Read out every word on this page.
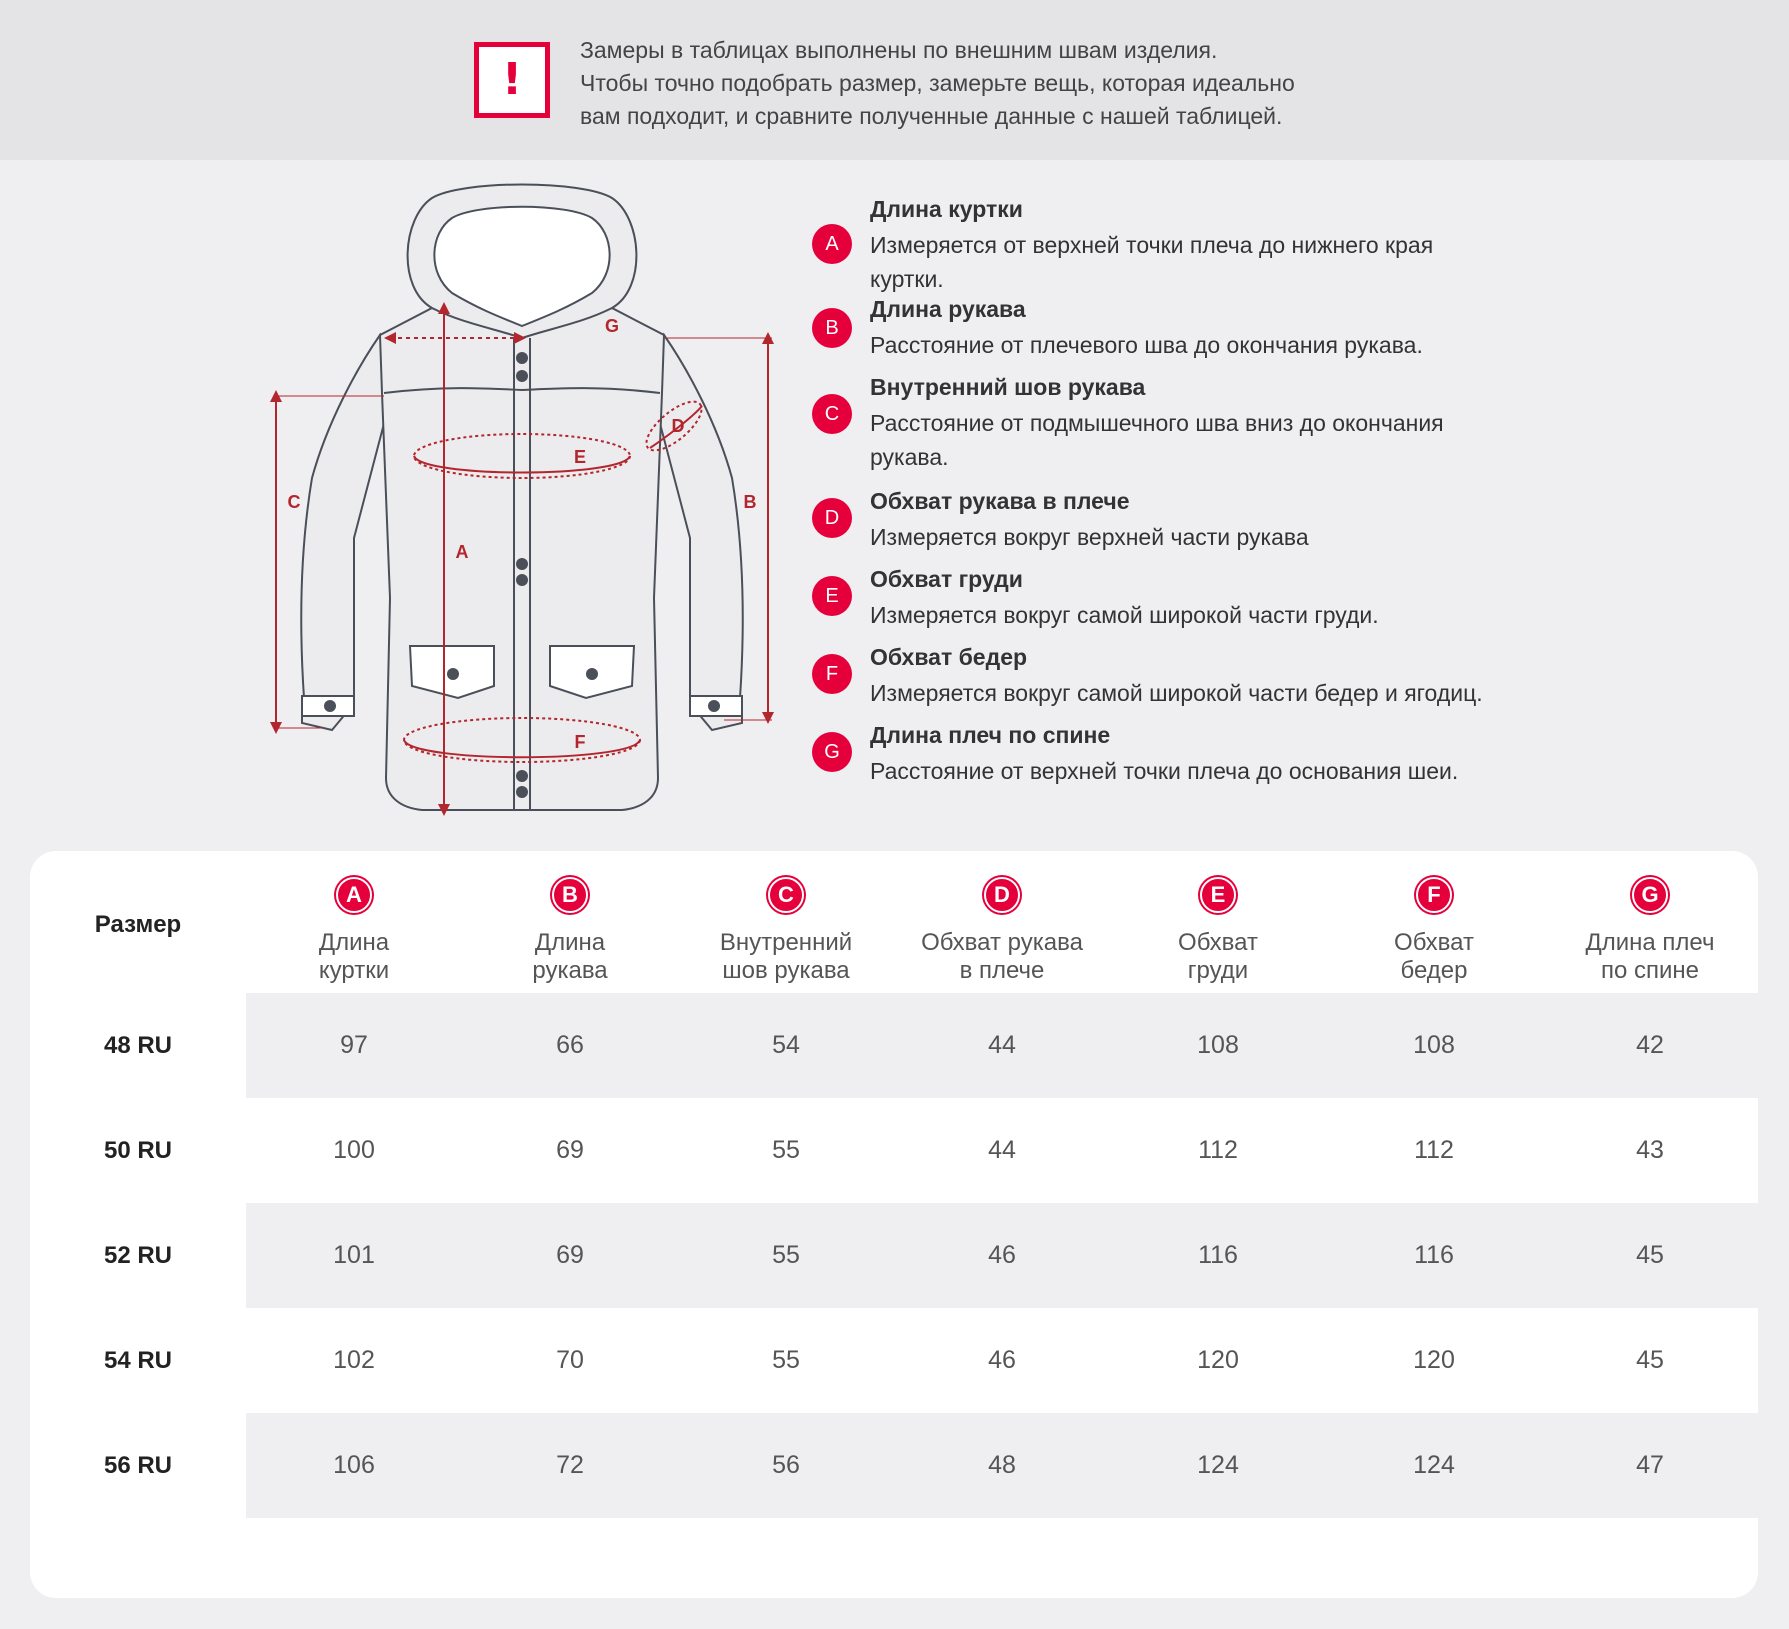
!

Замеры в таблицах выполнены по внешним швам изделия.

Чтобы точно подобрать размер, замерьте вещь, которая идеально

вам подходит, и сравните полученные данные с нашей таблицей.

C	B
A
G
E
F
D
A
Длина куртки
Измеряется от верхней точки плеча до нижнего края куртки.
B
Длина рукава
Расстояние от плечевого шва до окончания рукава.
C
Внутренний шов рукава
Расстояние от подмышечного шва вниз до окончания рукава.
D
Обхват рукава в плече
Измеряется вокруг верхней части рукава
E
Обхват груди
Измеряется вокруг самой широкой части груди.
F
Обхват бедер
Измеряется вокруг самой широкой части бедер и ягодиц.
G
Длина плеч по спине
Расстояние от верхней точки плеча до основания шеи.
Размер
A
Длина
куртки
B
Длина
рукава
C
Внутренний
шов рукава
D
Обхват рукава
в плече
E
Обхват
груди
F
Обхват
бедер
G
Длина плеч
по спине
48 RU	97	66	54	44	108	108	42
50 RU	100	69	55	44	112	112	43
52 RU	101	69	55	46	116	116	45
54 RU	102	70	55	46	120	120	45
56 RU	106	72	56	48	124	124	47
